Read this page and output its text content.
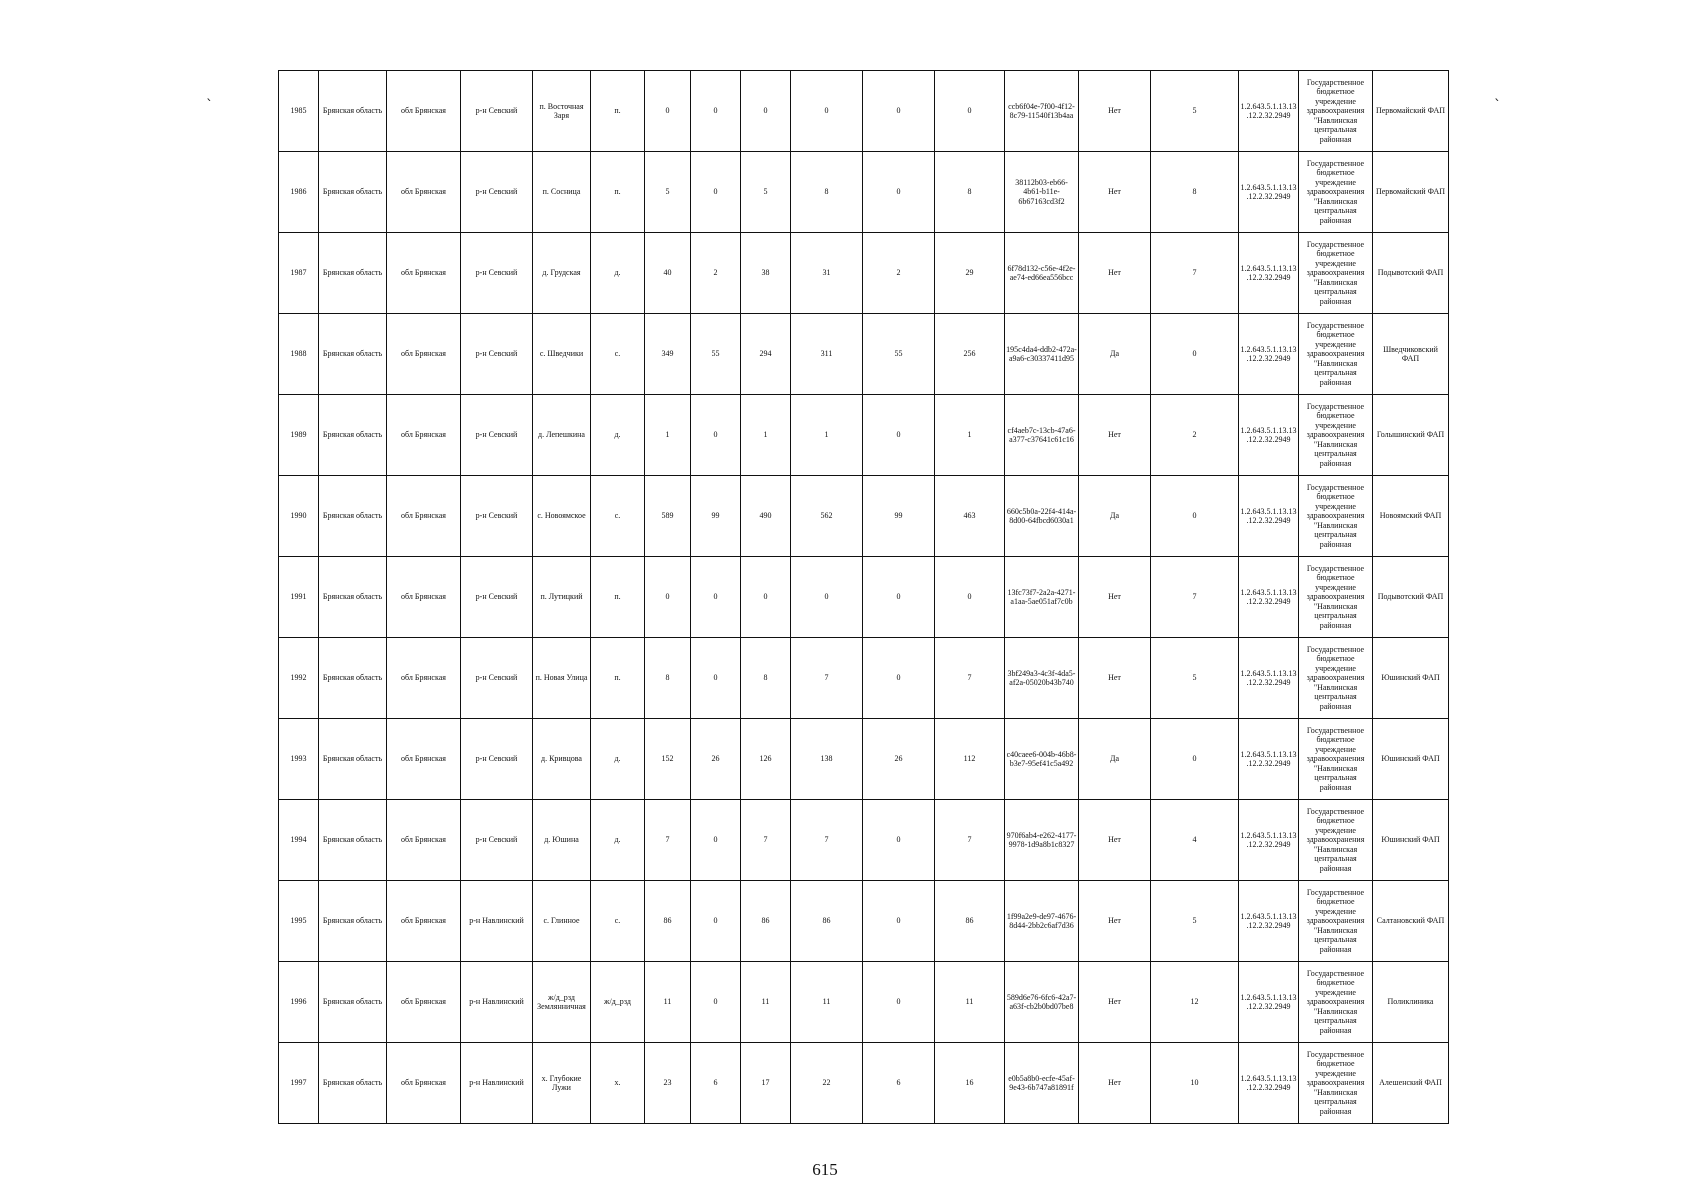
ˋ	ˋ
1985	Брянская область	обл Брянская	р-н Севский	п. Восточная Заря	п.	0	0	0	0	0	0	ccb6f04e-7f00-4f12-8c79-11540f13b4aa	Нет	5	1.2.643.5.1.13.13.12.2.32.2949	Государственное бюджетное учреждение здравоохранения "Навлинская центральная районная	Первомайский ФАП
1986	Брянская область	обл Брянская	р-н Севский	п. Сосница	п.	5	0	5	8	0	8	38112b03-eb66-4b61-b11e-6b67163cd3f2	Нет	8	1.2.643.5.1.13.13.12.2.32.2949	Государственное бюджетное учреждение здравоохранения "Навлинская центральная районная	Первомайский ФАП
1987	Брянская область	обл Брянская	р-н Севский	д. Грудская	д.	40	2	38	31	2	29	6f78d132-c56e-4f2e-ae74-ed66ea556bcc	Нет	7	1.2.643.5.1.13.13.12.2.32.2949	Государственное бюджетное учреждение здравоохранения "Навлинская центральная районная	Подывотский ФАП
1988	Брянская область	обл Брянская	р-н Севский	с. Шведчики	с.	349	55	294	311	55	256	195c4da4-ddb2-472a-a9a6-c30337411d95	Да	0	1.2.643.5.1.13.13.12.2.32.2949	Государственное бюджетное учреждение здравоохранения "Навлинская центральная районная	Шведчиковский ФАП
1989	Брянская область	обл Брянская	р-н Севский	д. Лепешкина	д.	1	0	1	1	0	1	cf4aeb7c-13cb-47a6-a377-c37641c61c16	Нет	2	1.2.643.5.1.13.13.12.2.32.2949	Государственное бюджетное учреждение здравоохранения "Навлинская центральная районная	Голышинский ФАП
1990	Брянская область	обл Брянская	р-н Севский	с. Новоямское	с.	589	99	490	562	99	463	660c5b0a-22f4-414a-8d00-64fbcd6030a1	Да	0	1.2.643.5.1.13.13.12.2.32.2949	Государственное бюджетное учреждение здравоохранения "Навлинская центральная районная	Новоямский ФАП
1991	Брянская область	обл Брянская	р-н Севский	п. Лутицкий	п.	0	0	0	0	0	0	13fc73f7-2a2a-4271-a1aa-5ae051af7c0b	Нет	7	1.2.643.5.1.13.13.12.2.32.2949	Государственное бюджетное учреждение здравоохранения "Навлинская центральная районная	Подывотский ФАП
1992	Брянская область	обл Брянская	р-н Севский	п. Новая Улица	п.	8	0	8	7	0	7	3bf249a3-4c3f-4da5-af2a-05020b43b740	Нет	5	1.2.643.5.1.13.13.12.2.32.2949	Государственное бюджетное учреждение здравоохранения "Навлинская центральная районная	Юшинский ФАП
1993	Брянская область	обл Брянская	р-н Севский	д. Кривцова	д.	152	26	126	138	26	112	c40caee6-004b-46b8-b3e7-95ef41c5a492	Да	0	1.2.643.5.1.13.13.12.2.32.2949	Государственное бюджетное учреждение здравоохранения "Навлинская центральная районная	Юшинский ФАП
1994	Брянская область	обл Брянская	р-н Севский	д. Юшина	д.	7	0	7	7	0	7	970f6ab4-e262-4177-9978-1d9a8b1c8327	Нет	4	1.2.643.5.1.13.13.12.2.32.2949	Государственное бюджетное учреждение здравоохранения "Навлинская центральная районная	Юшинский ФАП
1995	Брянская область	обл Брянская	р-н Навлинский	с. Глинное	с.	86	0	86	86	0	86	1f99a2e9-de97-4676-8d44-2bb2c6af7d36	Нет	5	1.2.643.5.1.13.13.12.2.32.2949	Государственное бюджетное учреждение здравоохранения "Навлинская центральная районная	Салтановский ФАП
1996	Брянская область	обл Брянская	р-н Навлинский	ж/д_рзд Землянничная	ж/д_рзд	11	0	11	11	0	11	589d6e76-6fc6-42a7-a63f-cb2b0bd07be8	Нет	12	1.2.643.5.1.13.13.12.2.32.2949	Государственное бюджетное учреждение здравоохранения "Навлинская центральная районная	Поликлиника
1997	Брянская область	обл Брянская	р-н Навлинский	х. Глубокие Лужи	х.	23	6	17	22	6	16	e0b5a8b0-ecfe-45af-9e43-6b747a81891f	Нет	10	1.2.643.5.1.13.13.12.2.32.2949	Государственное бюджетное учреждение здравоохранения "Навлинская центральная районная	Алешенский ФАП
615
